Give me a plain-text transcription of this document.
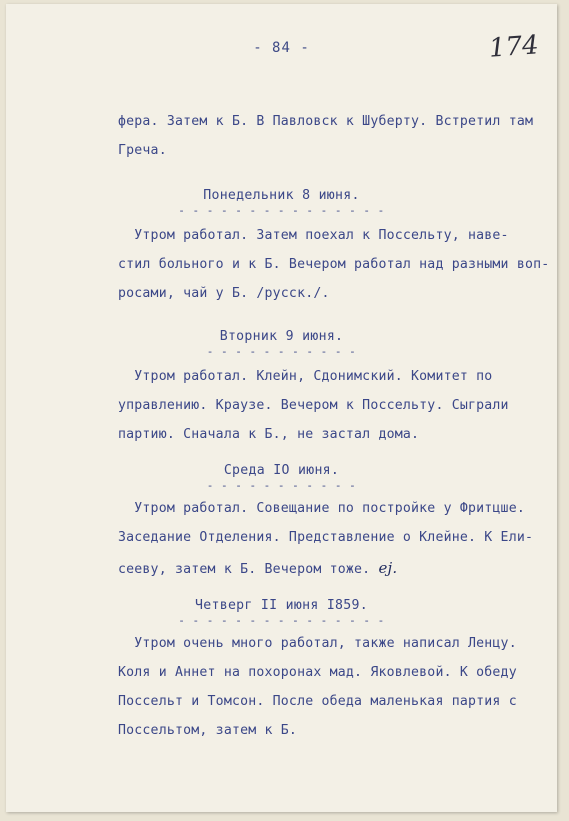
- 84 -	174
фера. Затем к Б. В Павловск к Шуберту. Встретил там
Греча.
Понедельник 8 июня.
- - - - - - - - - - - - - - -
Утром работал. Затем поехал к Поссельту, наве-
стил больного и к Б. Вечером работал над разными воп-
росами, чай у Б. /русск./.
Вторник 9 июня.
- - - - - - - - - - -
Утром работал. Клейн, Сдонимский. Комитет по
управлению. Краузе. Вечером к Поссельту. Сыграли
партию. Сначала к Б., не застал дома.
Среда IO июня.
- - - - - - - - - - -
Утром работал. Совещание по постройке у Фритцше.
Заседание Отделения. Представление о Клейне. К Ели-
сееву, затем к Б. Вечером тоже. ej.
Четверг II июня I859.
- - - - - - - - - - - - - - -
Утром очень много работал, также написал Ленцу.
Коля и Аннет на похоронах мад. Яковлевой. К обеду
Поссельт и Томсон. После обеда маленькая партия с
Поссельтом, затем к Б.
